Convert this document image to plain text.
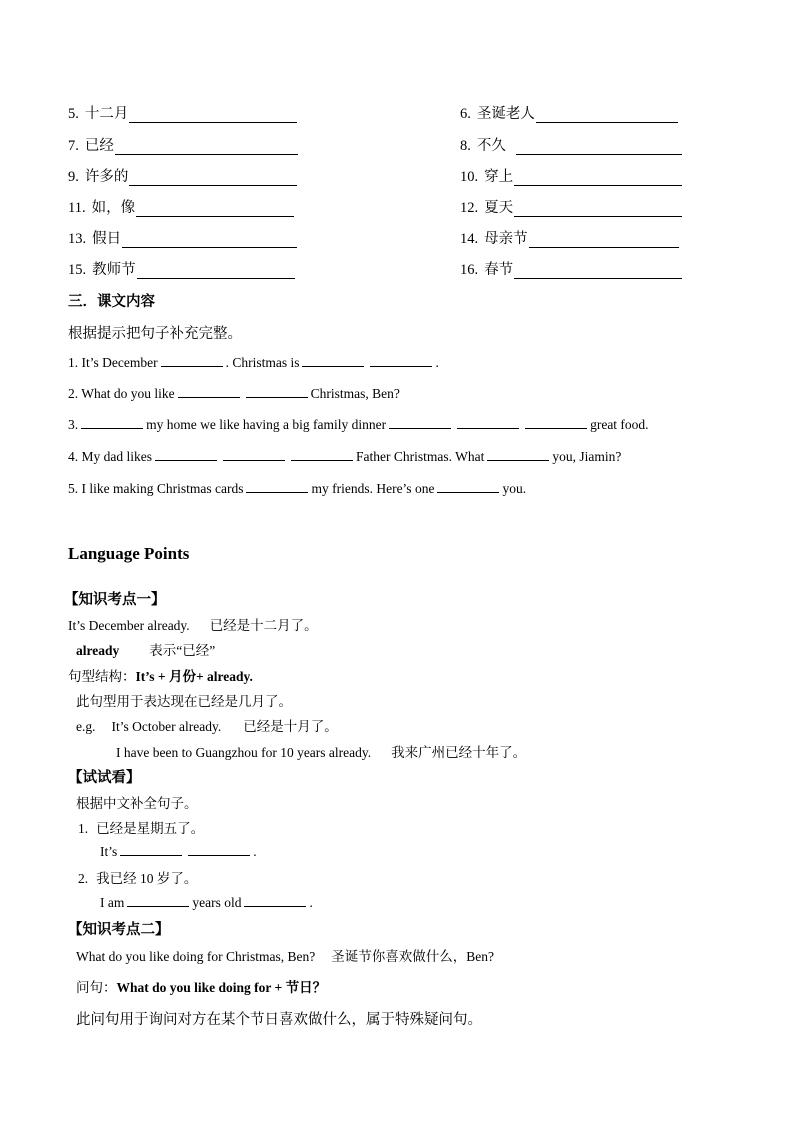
5. 十二月	6. 圣诞老人
7. 已经	8. 不久
9. 许多的	10. 穿上
11. 如，像	12. 夏天
13. 假日	14. 母亲节
15. 教师节	16. 春节
三．课文内容
根据提示把句子补充完整。
1. It’s December	. Christmas is	.
2. What do you like	Christmas, Ben?
3.	my home we like having a big family dinner	great food.
4. My dad likes	Father Christmas. What	you, Jiamin?
5. I like making Christmas cards	my friends. Here’s one	you.
Language Points
【知识考点一】
It’s December already. 已经是十二月了。
already 表示“已经”
句型结构：It’s + 月份+ already.
此句型用于表达现在已经是几月了。
e.g. It’s October already. 已经是十月了。
I have been to Guangzhou for 10 years already. 我来广州已经十年了。
【试试看】
根据中文补全句子。
1. 已经是星期五了。
It’s	.
2. 我已经 10 岁了。
I am	years old	.
【知识考点二】
What do you like doing for Christmas, Ben? 圣诞节你喜欢做什么，Ben?
问句：What do you like doing for + 节日？
此问句用于询问对方在某个节日喜欢做什么，属于特殊疑问句。
